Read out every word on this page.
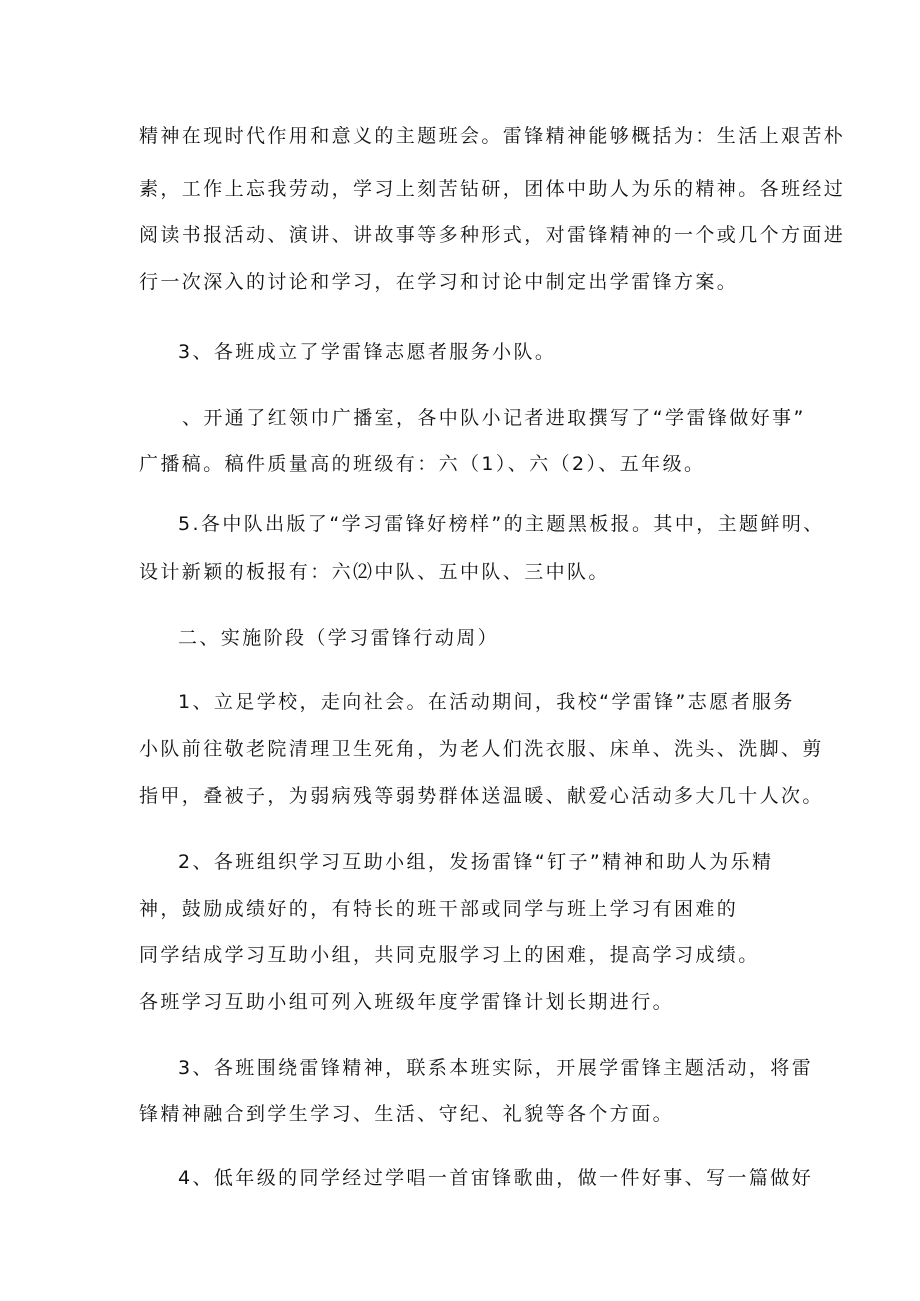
精神在现时代作用和意义的主题班会。雷锋精神能够概括为：生活上艰苦朴

素，工作上忘我劳动，学习上刻苦钻研，团体中助人为乐的精神。各班经过

阅读书报活动、演讲、讲故事等多种形式，对雷锋精神的一个或几个方面进

行一次深入的讨论和学习，在学习和讨论中制定出学雷锋方案。

3、各班成立了学雷锋志愿者服务小队。

、开通了红领巾广播室，各中队小记者进取撰写了“学雷锋做好事”

广播稿。稿件质量高的班级有：六（1）、六（2）、五年级。

5.各中队出版了“学习雷锋好榜样”的主题黑板报。其中，主题鲜明、

设计新颖的板报有：六⑵中队、五中队、三中队。

二、实施阶段（学习雷锋行动周）

1、立足学校，走向社会。在活动期间，我校“学雷锋”志愿者服务

小队前往敬老院清理卫生死角，为老人们洗衣服、床单、洗头、洗脚、剪

指甲，叠被子，为弱病残等弱势群体送温暖、献爱心活动多大几十人次。

2、各班组织学习互助小组，发扬雷锋“钉子”精神和助人为乐精

神，鼓励成绩好的，有特长的班干部或同学与班上学习有困难的

同学结成学习互助小组，共同克服学习上的困难，提高学习成绩。

各班学习互助小组可列入班级年度学雷锋计划长期进行。

3、各班围绕雷锋精神，联系本班实际，开展学雷锋主题活动，将雷

锋精神融合到学生学习、生活、守纪、礼貌等各个方面。

4、低年级的同学经过学唱一首宙锋歌曲，做一件好事、写一篇做好
